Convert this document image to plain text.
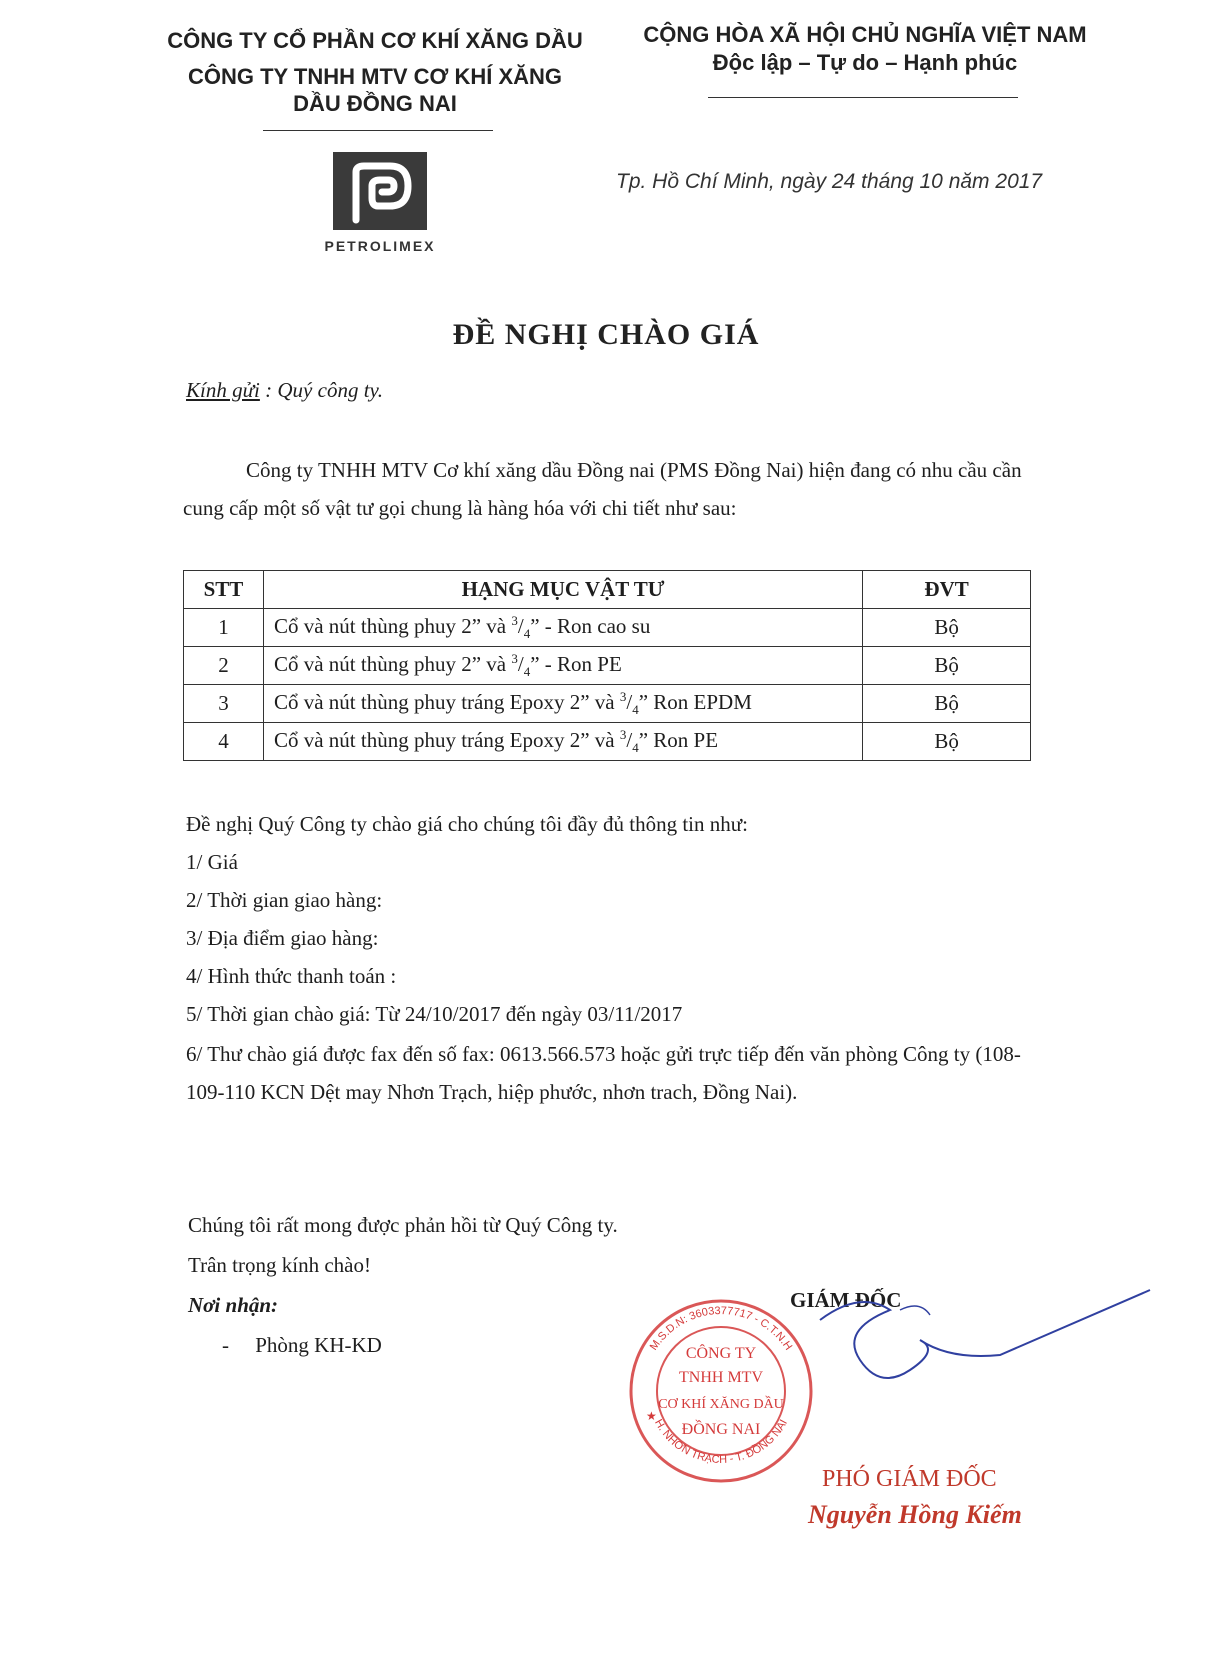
CÔNG TY CỔ PHẦN CƠ KHÍ XĂNG DẦU
CÔNG TY TNHH MTV CƠ KHÍ XĂNG
DẦU ĐỒNG NAI
PETROLIMEX
CỘNG HÒA XÃ HỘI CHỦ NGHĨA VIỆT NAM
Độc lập – Tự do – Hạnh phúc
Tp. Hồ Chí Minh, ngày 24 tháng 10 năm 2017
ĐỀ NGHỊ CHÀO GIÁ
Kính gửi : Quý công ty.
Công ty TNHH MTV Cơ khí xăng dầu Đồng nai (PMS Đồng Nai) hiện đang có nhu cầu cần
cung cấp một số vật tư gọi chung là hàng hóa với chi tiết như sau:
STT	HẠNG MỤC VẬT TƯ	ĐVT
1	Cổ và nút thùng phuy 2” và $^3/_4$” - Ron cao su	Bộ
2	Cổ và nút thùng phuy 2” và $^3/_4$” - Ron PE	Bộ
3	Cổ và nút thùng phuy tráng Epoxy 2” và $^3/_4$” Ron EPDM	Bộ
4	Cổ và nút thùng phuy tráng Epoxy 2” và $^3/_4$” Ron PE	Bộ
Đề nghị Quý Công ty chào giá cho chúng tôi đầy đủ thông tin như:
1/ Giá
2/ Thời gian giao hàng:
3/ Địa điểm giao hàng:
4/ Hình thức thanh toán :
5/ Thời gian chào giá: Từ 24/10/2017 đến ngày 03/11/2017
6/ Thư chào giá được fax đến số fax: 0613.566.573 hoặc gửi trực tiếp đến văn phòng Công ty (108-
109-110 KCN Dệt may Nhơn Trạch, hiệp phước, nhơn trach, Đồng Nai).
Chúng tôi rất mong được phản hồi từ Quý Công ty.
Trân trọng kính chào!
Nơi nhận:
-     Phòng KH-KD
GIÁM ĐỐC
M.S.D.N: 3603377717 - C.T.N.H
H. NHƠN TRẠCH - T. ĐỒNG NAI
CÔNG TY
TNHH MTV
CƠ KHÍ XĂNG DẦU
ĐỒNG NAI
★
PHÓ GIÁM ĐỐC
Nguyễn Hồng Kiếm
